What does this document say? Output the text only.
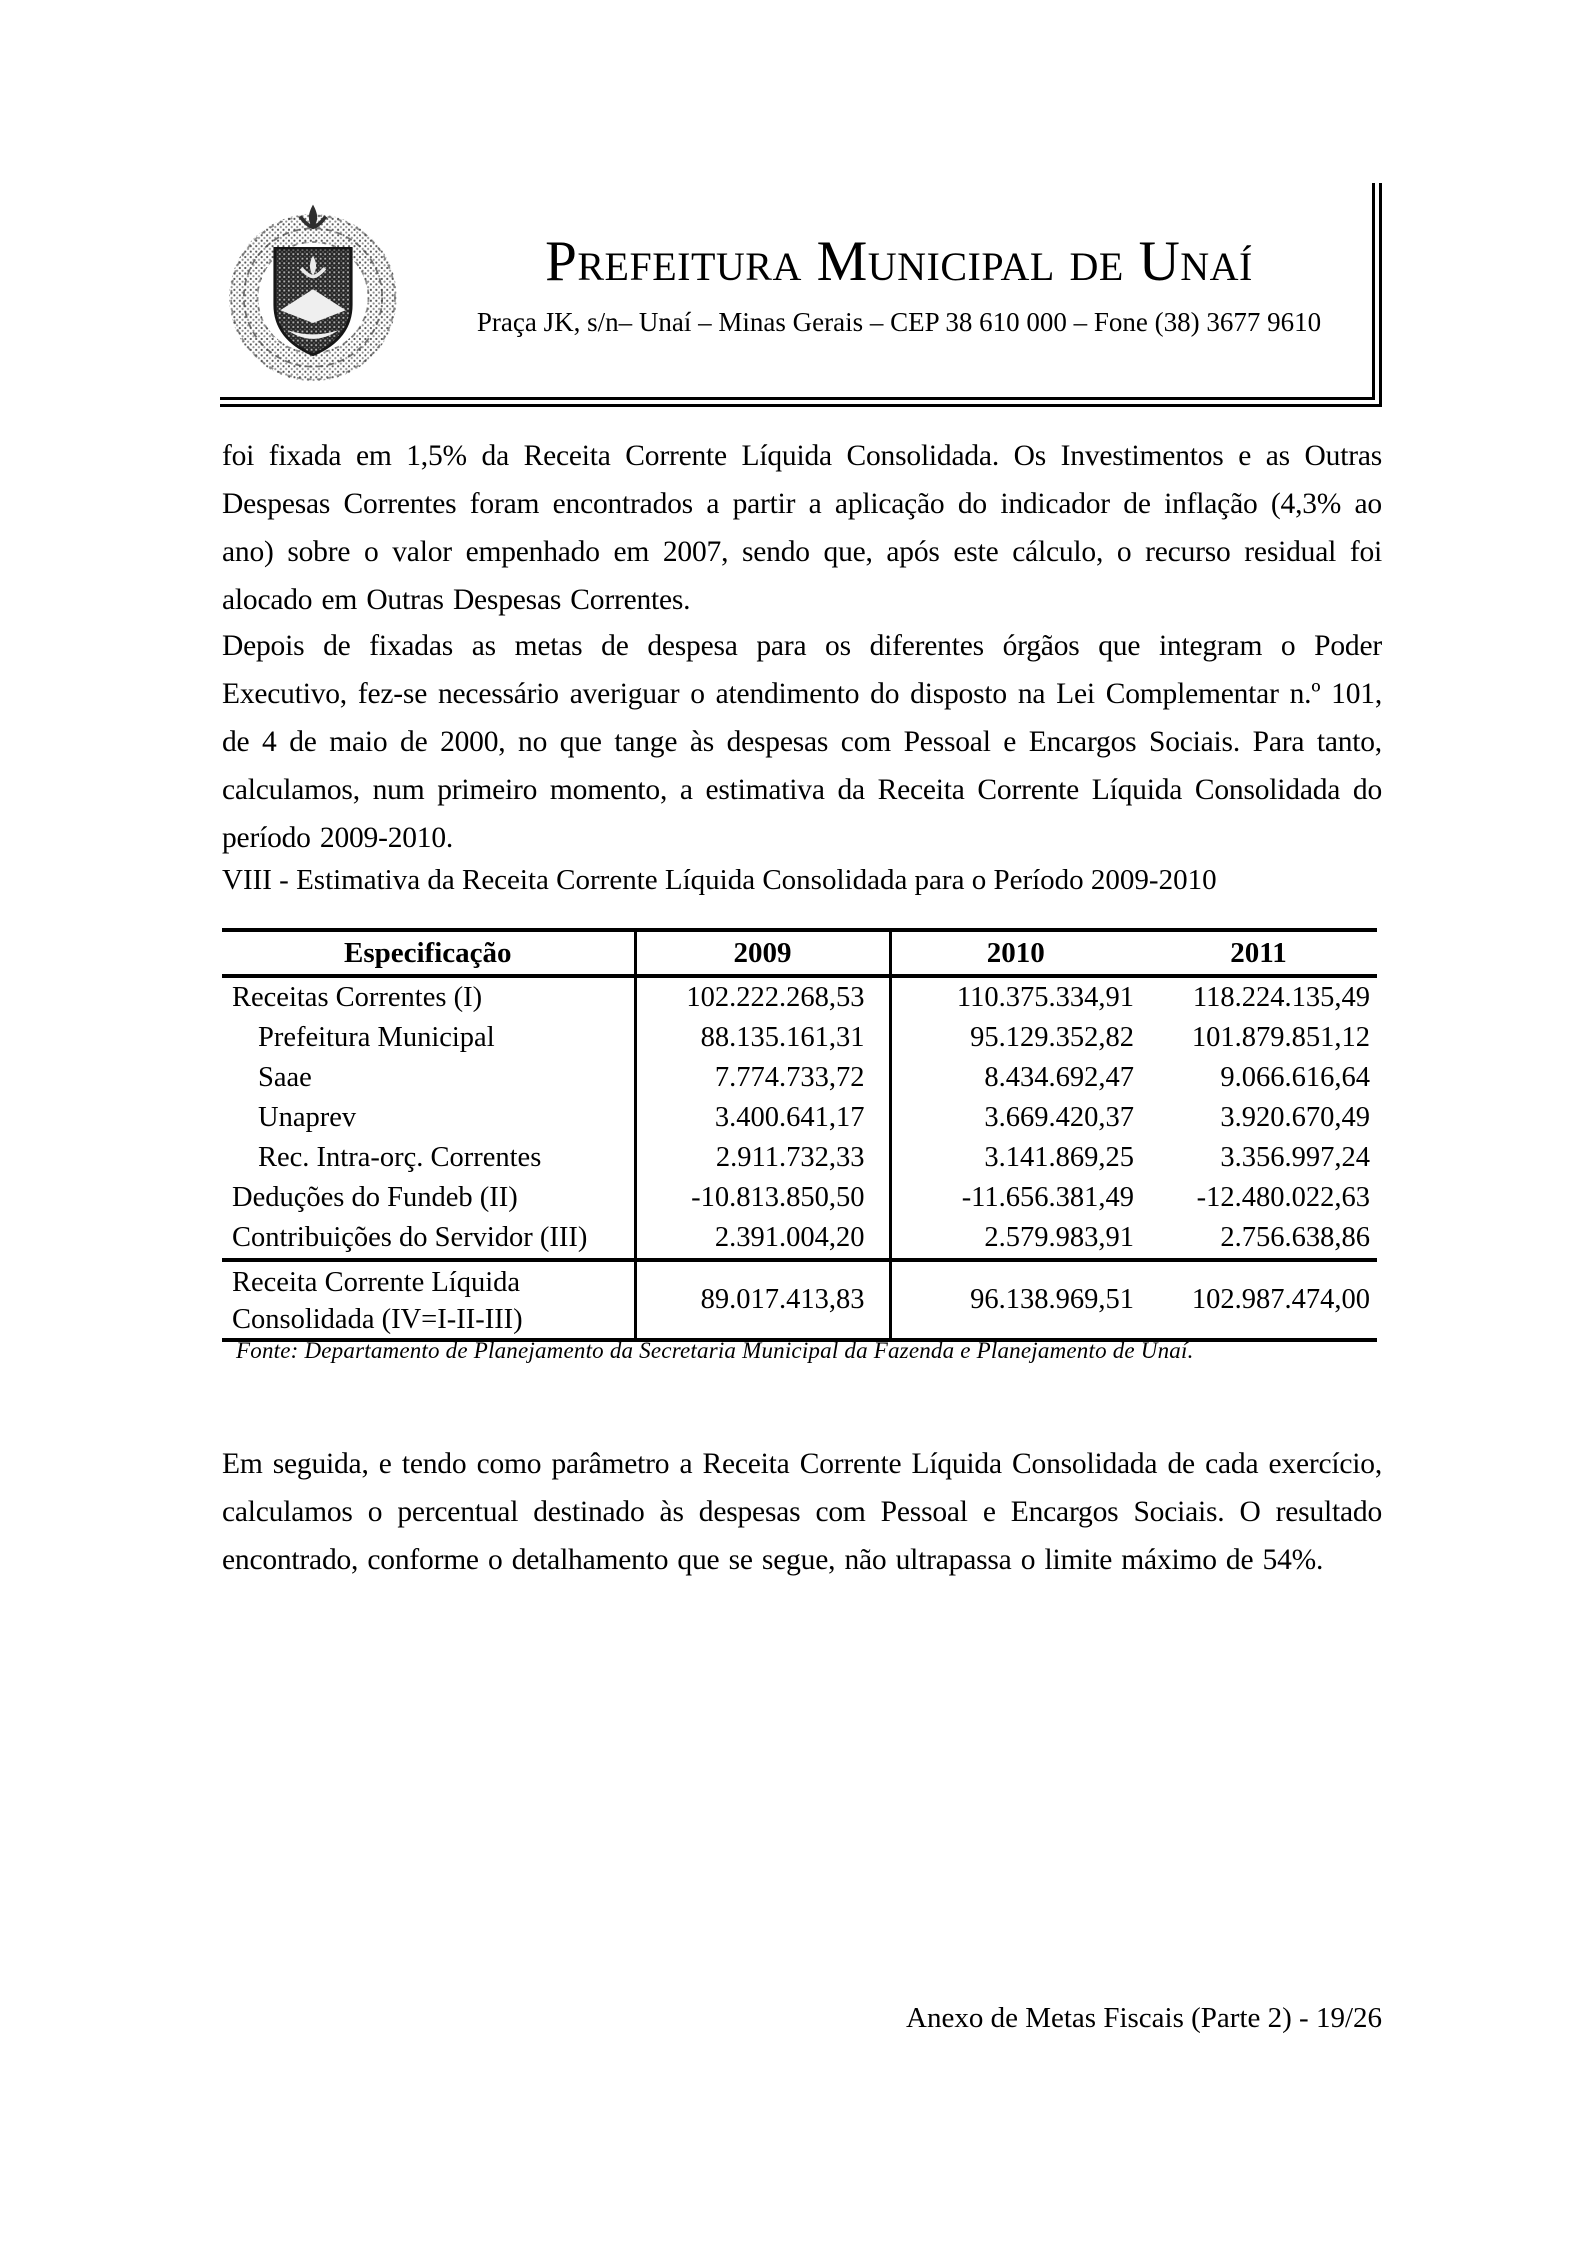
Prefeitura Municipal de Unaí
Praça JK, s/n– Unaí – Minas Gerais – CEP 38 610 000 – Fone (38) 3677 9610

foi fixada em 1,5% da Receita Corrente Líquida Consolidada. Os Investimentos e as Outras Despesas Correntes foram encontrados a partir a aplicação do indicador de inflação (4,3% ao ano) sobre o valor empenhado em 2007, sendo que, após este cálculo, o recurso residual foi alocado em Outras Despesas Correntes.

Depois de fixadas as metas de despesa para os diferentes órgãos que integram o Poder Executivo, fez-se necessário averiguar o atendimento do disposto na Lei Complementar n.º 101, de 4 de maio de 2000, no que tange às despesas com Pessoal e Encargos Sociais. Para tanto, calculamos, num primeiro momento, a estimativa da Receita Corrente Líquida Consolidada do período 2009-2010.

VIII - Estimativa da Receita Corrente Líquida Consolidada para o Período 2009-2010

Especificação	2009	2010	2011
Receitas Correntes (I)	102.222.268,53	110.375.334,91	118.224.135,49
Prefeitura Municipal	88.135.161,31	95.129.352,82	101.879.851,12
Saae	7.774.733,72	8.434.692,47	9.066.616,64
Unaprev	3.400.641,17	3.669.420,37	3.920.670,49
Rec. Intra-orç. Correntes	2.911.732,33	3.141.869,25	3.356.997,24
Deduções do Fundeb (II)	-10.813.850,50	-11.656.381,49	-12.480.022,63
Contribuições do Servidor (III)	2.391.004,20	2.579.983,91	2.756.638,86
Receita Corrente Líquida Consolidada (IV=I-II-III)	89.017.413,83	96.138.969,51	102.987.474,00

Fonte: Departamento de Planejamento da Secretaria Municipal da Fazenda e Planejamento de Unaí.

Em seguida, e tendo como parâmetro a Receita Corrente Líquida Consolidada de cada exercício, calculamos o percentual destinado às despesas com Pessoal e Encargos Sociais. O resultado encontrado, conforme o detalhamento que se segue, não ultrapassa o limite máximo de 54%.

Anexo de Metas Fiscais (Parte 2) - 19/26
